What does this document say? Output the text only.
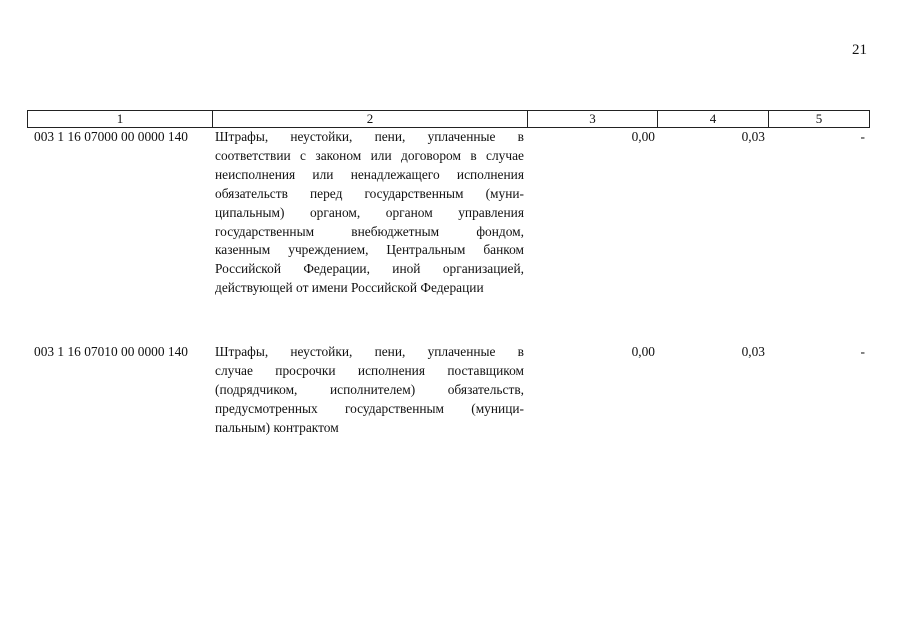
21
1	2	3	4	5
003 1 16 07000 00 0000 140 Штрафы, неустойки, пени, уплаченные в
соответствии с законом или договором в случае
неисполнения или ненадлежащего исполнения
обязательств перед государственным (муни-
ципальным) органом, органом управления
государственным внебюджетным фондом,
казенным учреждением, Центральным банком
Российской Федерации, иной организацией,
действующей от имени Российской Федерации
0,00	0,03	-
003 1 16 07010 00 0000 140 Штрафы, неустойки, пени, уплаченные в
случае просрочки исполнения поставщиком
(подрядчиком, исполнителем) обязательств,
предусмотренных государственным (муници-
пальным) контрактом
0,00	0,03	-
